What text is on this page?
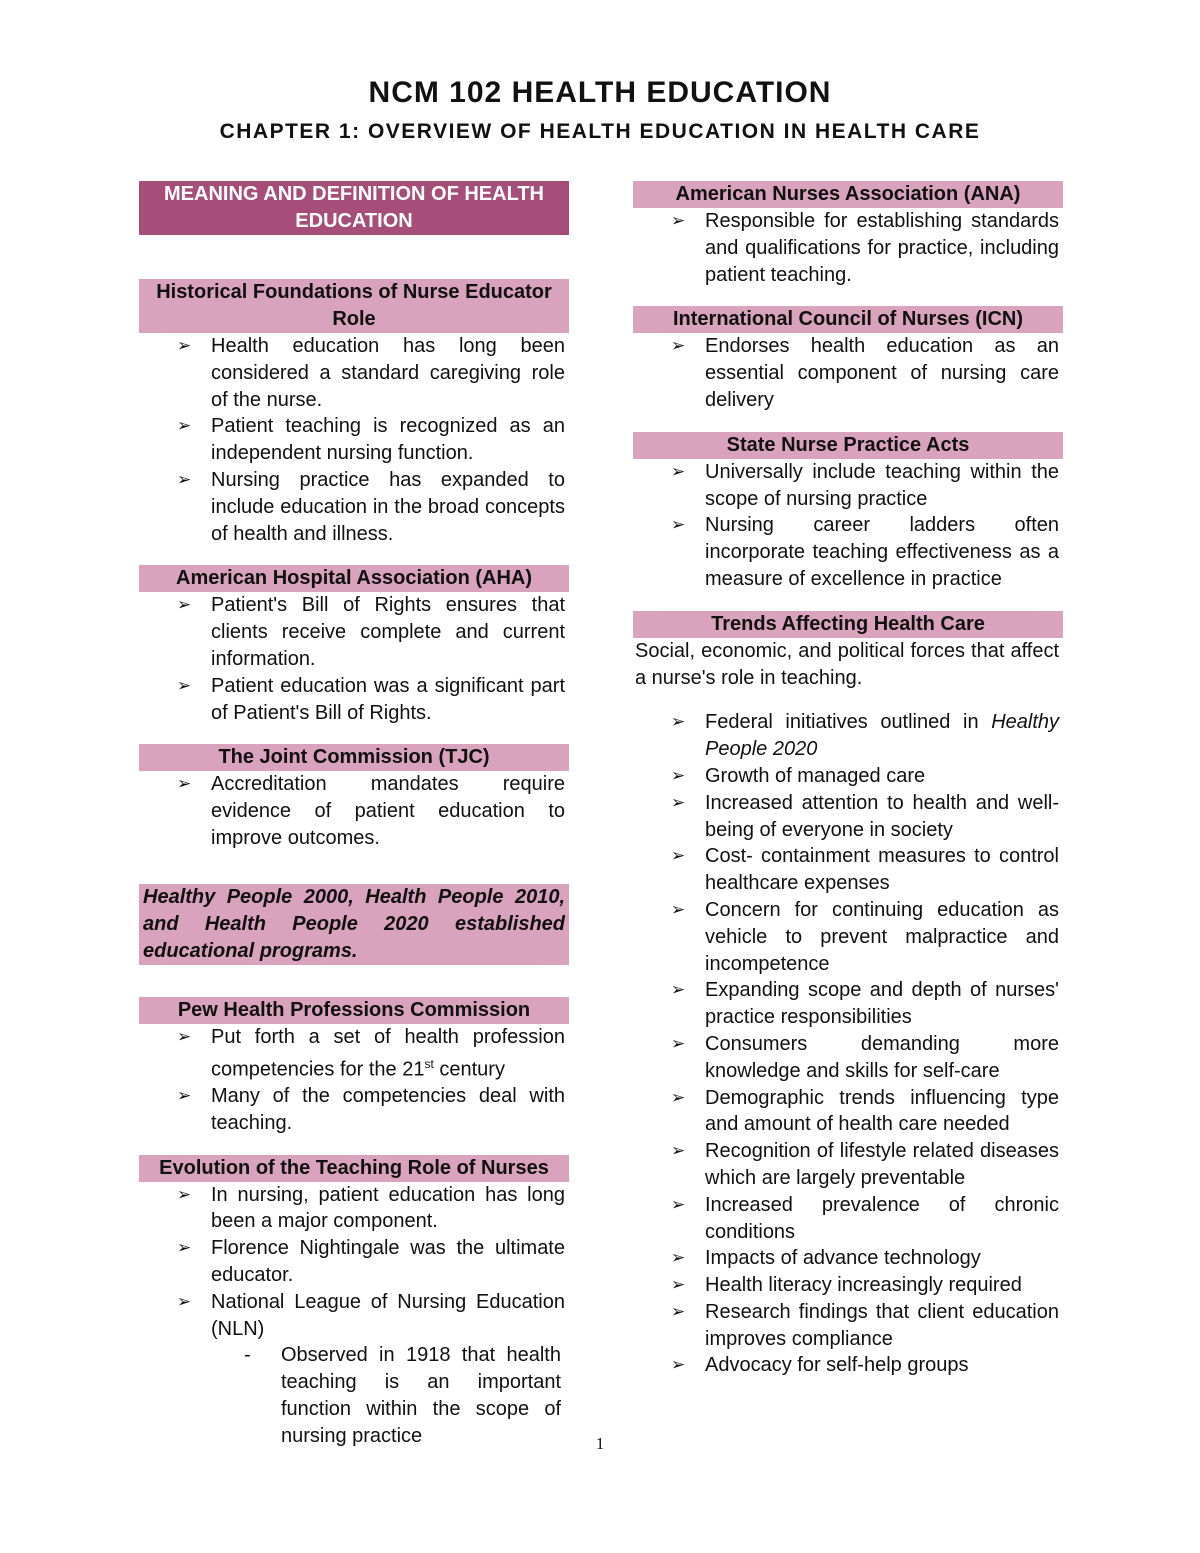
NCM 102 HEALTH EDUCATION
CHAPTER 1: OVERVIEW OF HEALTH EDUCATION IN HEALTH CARE
MEANING AND DEFINITION OF HEALTH EDUCATION
Historical Foundations of Nurse Educator Role
➢ Health education has long been considered a standard caregiving role of the nurse.
➢ Patient teaching is recognized as an independent nursing function.
➢ Nursing practice has expanded to include education in the broad concepts of health and illness.
American Hospital Association (AHA)
➢ Patient's Bill of Rights ensures that clients receive complete and current information.
➢ Patient education was a significant part of Patient's Bill of Rights.
The Joint Commission (TJC)
➢ Accreditation mandates require evidence of patient education to improve outcomes.
Healthy People 2000, Health People 2010, and Health People 2020 established educational programs.
Pew Health Professions Commission
➢ Put forth a set of health profession competencies for the 21st century
➢ Many of the competencies deal with teaching.
Evolution of the Teaching Role of Nurses
➢ In nursing, patient education has long been a major component.
➢ Florence Nightingale was the ultimate educator.
➢ National League of Nursing Education (NLN)
- Observed in 1918 that health teaching is an important function within the scope of nursing practice
American Nurses Association (ANA)
➢ Responsible for establishing standards and qualifications for practice, including patient teaching.
International Council of Nurses (ICN)
➢ Endorses health education as an essential component of nursing care delivery
State Nurse Practice Acts
➢ Universally include teaching within the scope of nursing practice
➢ Nursing career ladders often incorporate teaching effectiveness as a measure of excellence in practice
Trends Affecting Health Care
Social, economic, and political forces that affect a nurse's role in teaching.
➢ Federal initiatives outlined in Healthy People 2020
➢ Growth of managed care
➢ Increased attention to health and well-being of everyone in society
➢ Cost- containment measures to control healthcare expenses
➢ Concern for continuing education as vehicle to prevent malpractice and incompetence
➢ Expanding scope and depth of nurses' practice responsibilities
➢ Consumers demanding more knowledge and skills for self-care
➢ Demographic trends influencing type and amount of health care needed
➢ Recognition of lifestyle related diseases which are largely preventable
➢ Increased prevalence of chronic conditions
➢ Impacts of advance technology
➢ Health literacy increasingly required
➢ Research findings that client education improves compliance
➢ Advocacy for self-help groups
1
